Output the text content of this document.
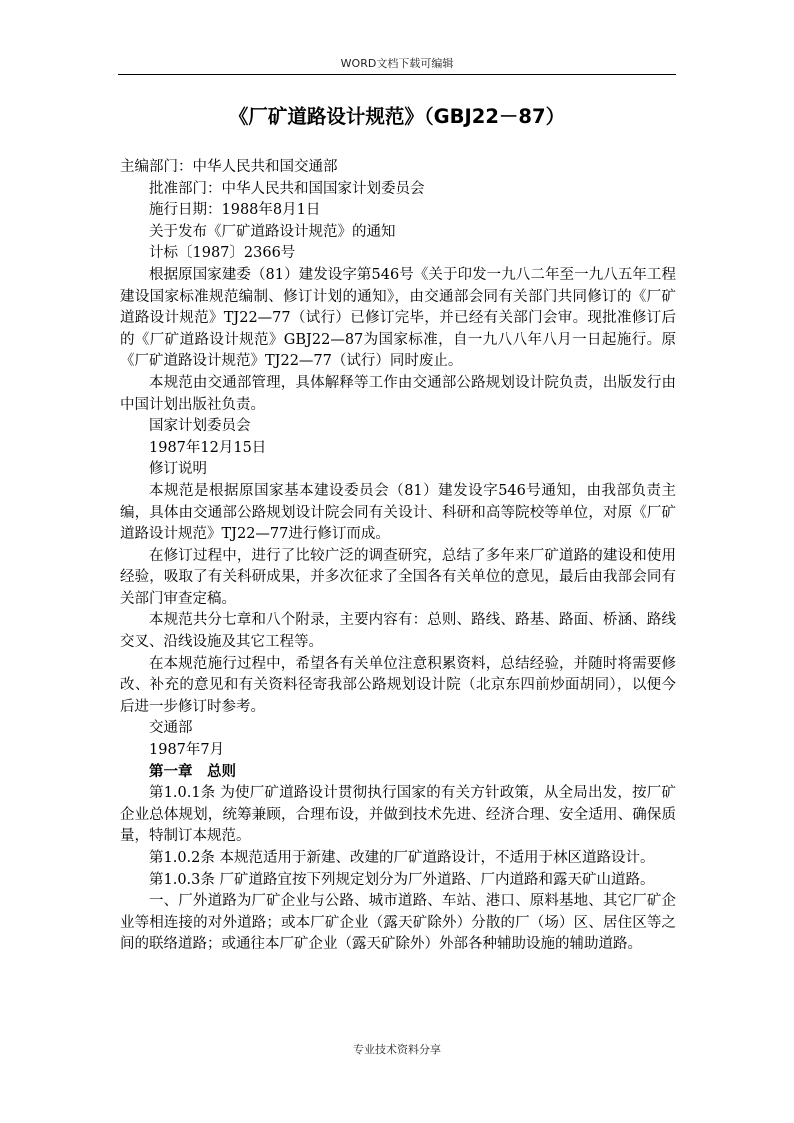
WORD文档下载可编辑
《厂矿道路设计规范》（GBJ22－87）

主编部门：中华人民共和国交通部

批准部门：中华人民共和国国家计划委员会

施行日期：1988年8月1日

关于发布《厂矿道路设计规范》的通知

计标〔1987〕2366号

根据原国家建委（81）建发设字第546号《关于印发一九八二年至一九八五年工程建设国家标准规范编制、修订计划的通知》，由交通部会同有关部门共同修订的《厂矿道路设计规范》TJ22—77（试行）已修订完毕，并已经有关部门会审。现批准修订后的《厂矿道路设计规范》GBJ22—87为国家标准，自一九八八年八月一日起施行。原《厂矿道路设计规范》TJ22—77（试行）同时废止。

本规范由交通部管理，具体解释等工作由交通部公路规划设计院负责，出版发行由中国计划出版社负责。

国家计划委员会

1987年12月15日

修订说明

本规范是根据原国家基本建设委员会（81）建发设字546号通知，由我部负责主编，具体由交通部公路规划设计院会同有关设计、科研和高等院校等单位，对原《厂矿道路设计规范》TJ22—77进行修订而成。

在修订过程中，进行了比较广泛的调查研究，总结了多年来厂矿道路的建设和使用经验，吸取了有关科研成果，并多次征求了全国各有关单位的意见，最后由我部会同有关部门审查定稿。

本规范共分七章和八个附录，主要内容有：总则、路线、路基、路面、桥涵、路线交叉、沿线设施及其它工程等。

在本规范施行过程中，希望各有关单位注意积累资料，总结经验，并随时将需要修改、补充的意见和有关资料径寄我部公路规划设计院（北京东四前炒面胡同），以便今后进一步修订时参考。

交通部

1987年7月

第一章　总则

第1.0.1条 为使厂矿道路设计贯彻执行国家的有关方针政策，从全局出发，按厂矿企业总体规划，统筹兼顾，合理布设，并做到技术先进、经济合理、安全适用、确保质量，特制订本规范。

第1.0.2条 本规范适用于新建、改建的厂矿道路设计，不适用于林区道路设计。

第1.0.3条 厂矿道路宜按下列规定划分为厂外道路、厂内道路和露天矿山道路。

一、厂外道路为厂矿企业与公路、城市道路、车站、港口、原料基地、其它厂矿企业等相连接的对外道路；或本厂矿企业（露天矿除外）分散的厂（场）区、居住区等之间的联络道路；或通往本厂矿企业（露天矿除外）外部各种辅助设施的辅助道路。

专业技术资料分享
